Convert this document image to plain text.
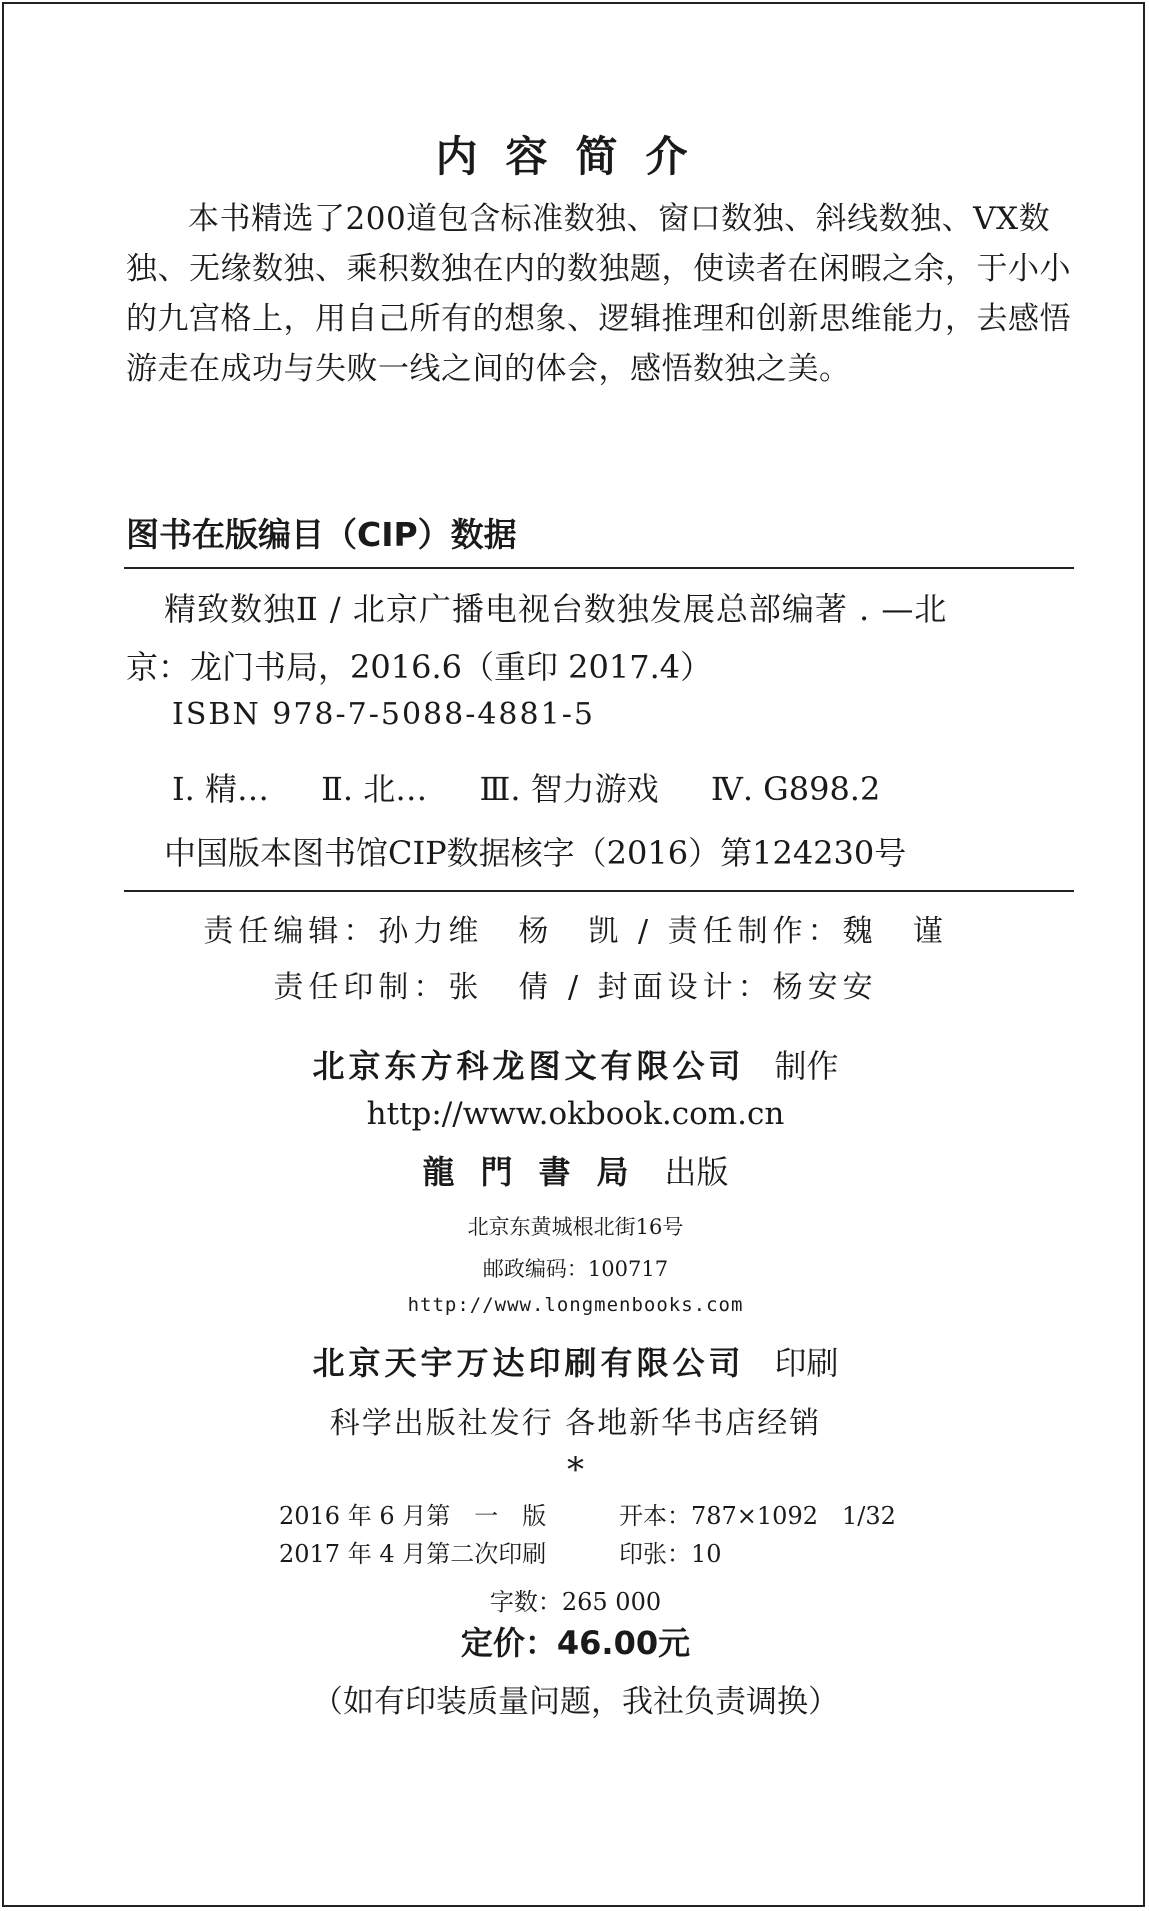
内容简介

本书精选了200道包含标准数独、窗口数独、斜线数独、VX数独、无缘数独、乘积数独在内的数独题，使读者在闲暇之余，于小小的九宫格上，用自己所有的想象、逻辑推理和创新思维能力，去感悟游走在成功与失败一线之间的体会，感悟数独之美。

图书在版编目（CIP）数据
精致数独Ⅱ / 北京广播电视台数独发展总部编著 . —北
京：龙门书局，2016.6（重印 2017.4）
ISBN 978-7-5088-4881-5
Ⅰ. 精… Ⅱ. 北… Ⅲ. 智力游戏 Ⅳ. G898.2
中国版本图书馆CIP数据核字（2016）第124230号
责任编辑：孙力维　杨　凯 / 责任制作：魏　谨
责任印制：张　倩 / 封面设计：杨安安
北京东方科龙图文有限公司 制作
http://www.okbook.com.cn
龍門書局 出版
北京东黄城根北街16号
邮政编码：100717
http://www.longmenbooks.com
北京天宇万达印刷有限公司 印刷
科学出版社发行 各地新华书店经销
*
2016 年 6 月第　一　版	开本：787×1092　1/32
2017 年 4 月第二次印刷	印张：10
字数：265 000
定价：46.00元
（如有印装质量问题，我社负责调换）
